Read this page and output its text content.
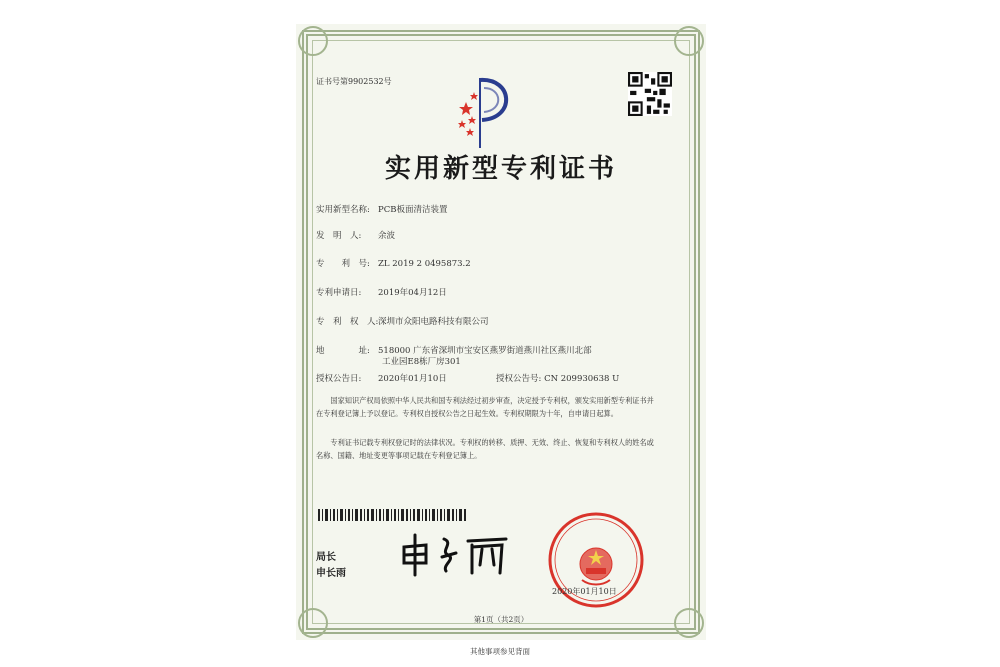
证书号第9902532号
实用新型专利证书
实用新型名称: PCB板面清洁装置
发　明　人: 余波
专　　利　号: ZL 2019 2 0495873.2
专利申请日: 2019年04月12日
专　利　权　人:深圳市众阳电路科技有限公司
地　　　　址: 518000 广东省深圳市宝安区燕罗街道燕川社区燕川北部
工业园E8栋厂房301
授权公告日: 2020年01月10日	授权公告号: CN 209930638 U
国家知识产权局依照中华人民共和国专利法经过初步审查，决定授予专利权，颁发实用新型专利证书并在专利登记簿上予以登记。专利权自授权公告之日起生效。专利权期限为十年，自申请日起算。
专利证书记载专利权登记时的法律状况。专利权的转移、质押、无效、终止、恢复和专利权人的姓名或名称、国籍、地址变更等事项记载在专利登记簿上。
局长
申长雨
2020年01月10日
第1页（共2页）
其他事项参见背面
